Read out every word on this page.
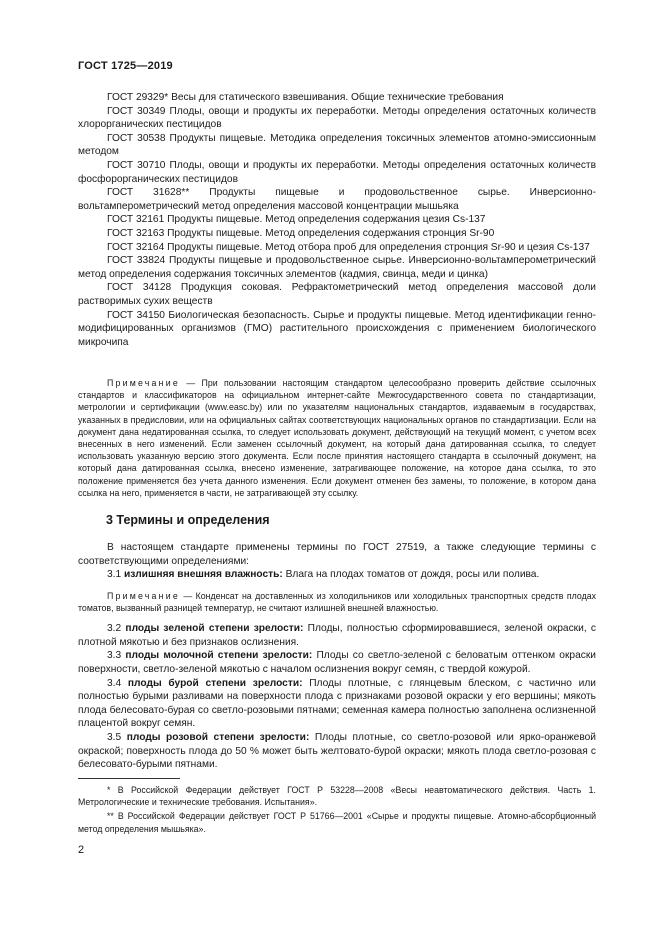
ГОСТ 1725—2019

ГОСТ 29329* Весы для статического взвешивания. Общие технические требования

ГОСТ 30349 Плоды, овощи и продукты их переработки. Методы определения остаточных количеств хлорорганических пестицидов

ГОСТ 30538 Продукты пищевые. Методика определения токсичных элементов атомно-эмиссионным методом

ГОСТ 30710 Плоды, овощи и продукты их переработки. Методы определения остаточных количеств фосфорорганических пестицидов

ГОСТ 31628** Продукты пищевые и продовольственное сырье. Инверсионно-вольтамперометрический метод определения массовой концентрации мышьяка

ГОСТ 32161 Продукты пищевые. Метод определения содержания цезия Cs-137

ГОСТ 32163 Продукты пищевые. Метод определения содержания стронция Sr-90

ГОСТ 32164 Продукты пищевые. Метод отбора проб для определения стронция Sr-90 и цезия Cs-137

ГОСТ 33824 Продукты пищевые и продовольственное сырье. Инверсионно-вольтамперометрический метод определения содержания токсичных элементов (кадмия, свинца, меди и цинка)

ГОСТ 34128 Продукция соковая. Рефрактометрический метод определения массовой доли растворимых сухих веществ

ГОСТ 34150 Биологическая безопасность. Сырье и продукты пищевые. Метод идентификации генно-модифицированных организмов (ГМО) растительного происхождения с применением биологического микрочипа

Примечание — При пользовании настоящим стандартом целесообразно проверить действие ссылочных стандартов и классификаторов на официальном интернет-сайте Межгосударственного совета по стандартизации, метрологии и сертификации (www.easc.by) или по указателям национальных стандартов, издаваемым в государствах, указанных в предисловии, или на официальных сайтах соответствующих национальных органов по стандартизации. Если на документ дана недатированная ссылка, то следует использовать документ, действующий на текущий момент, с учетом всех внесенных в него изменений. Если заменен ссылочный документ, на который дана датированная ссылка, то следует использовать указанную версию этого документа. Если после принятия настоящего стандарта в ссылочный документ, на который дана датированная ссылка, внесено изменение, затрагивающее положение, на которое дана ссылка, то это положение применяется без учета данного изменения. Если документ отменен без замены, то положение, в котором дана ссылка на него, применяется в части, не затрагивающей эту ссылку.

3 Термины и определения

В настоящем стандарте применены термины по ГОСТ 27519, а также следующие термины с соответствующими определениями:

3.1 излишняя внешняя влажность: Влага на плодах томатов от дождя, росы или полива.

Примечание — Конденсат на доставленных из холодильников или холодильных транспортных средств плодах томатов, вызванный разницей температур, не считают излишней внешней влажностью.

3.2 плоды зеленой степени зрелости: Плоды, полностью сформировавшиеся, зеленой окраски, с плотной мякотью и без признаков ослизнения.

3.3 плоды молочной степени зрелости: Плоды со светло-зеленой с беловатым оттенком окраски поверхности, светло-зеленой мякотью с началом ослизнения вокруг семян, с твердой кожурой.

3.4 плоды бурой степени зрелости: Плоды плотные, с глянцевым блеском, с частично или полностью бурыми разливами на поверхности плода с признаками розовой окраски у его вершины; мякоть плода белесовато-бурая со светло-розовыми пятнами; семенная камера полностью заполнена ослизненной плацентой вокруг семян.

3.5 плоды розовой степени зрелости: Плоды плотные, со светло-розовой или ярко-оранжевой окраской; поверхность плода до 50 % может быть желтовато-бурой окраски; мякоть плода светло-розовая с белесовато-бурыми пятнами.

* В Российской Федерации действует ГОСТ Р 53228—2008 «Весы неавтоматического действия. Часть 1. Метрологические и технические требования. Испытания».

** В Российской Федерации действует ГОСТ Р 51766—2001 «Сырье и продукты пищевые. Атомно-абсорбционный метод определения мышьяка».

2
